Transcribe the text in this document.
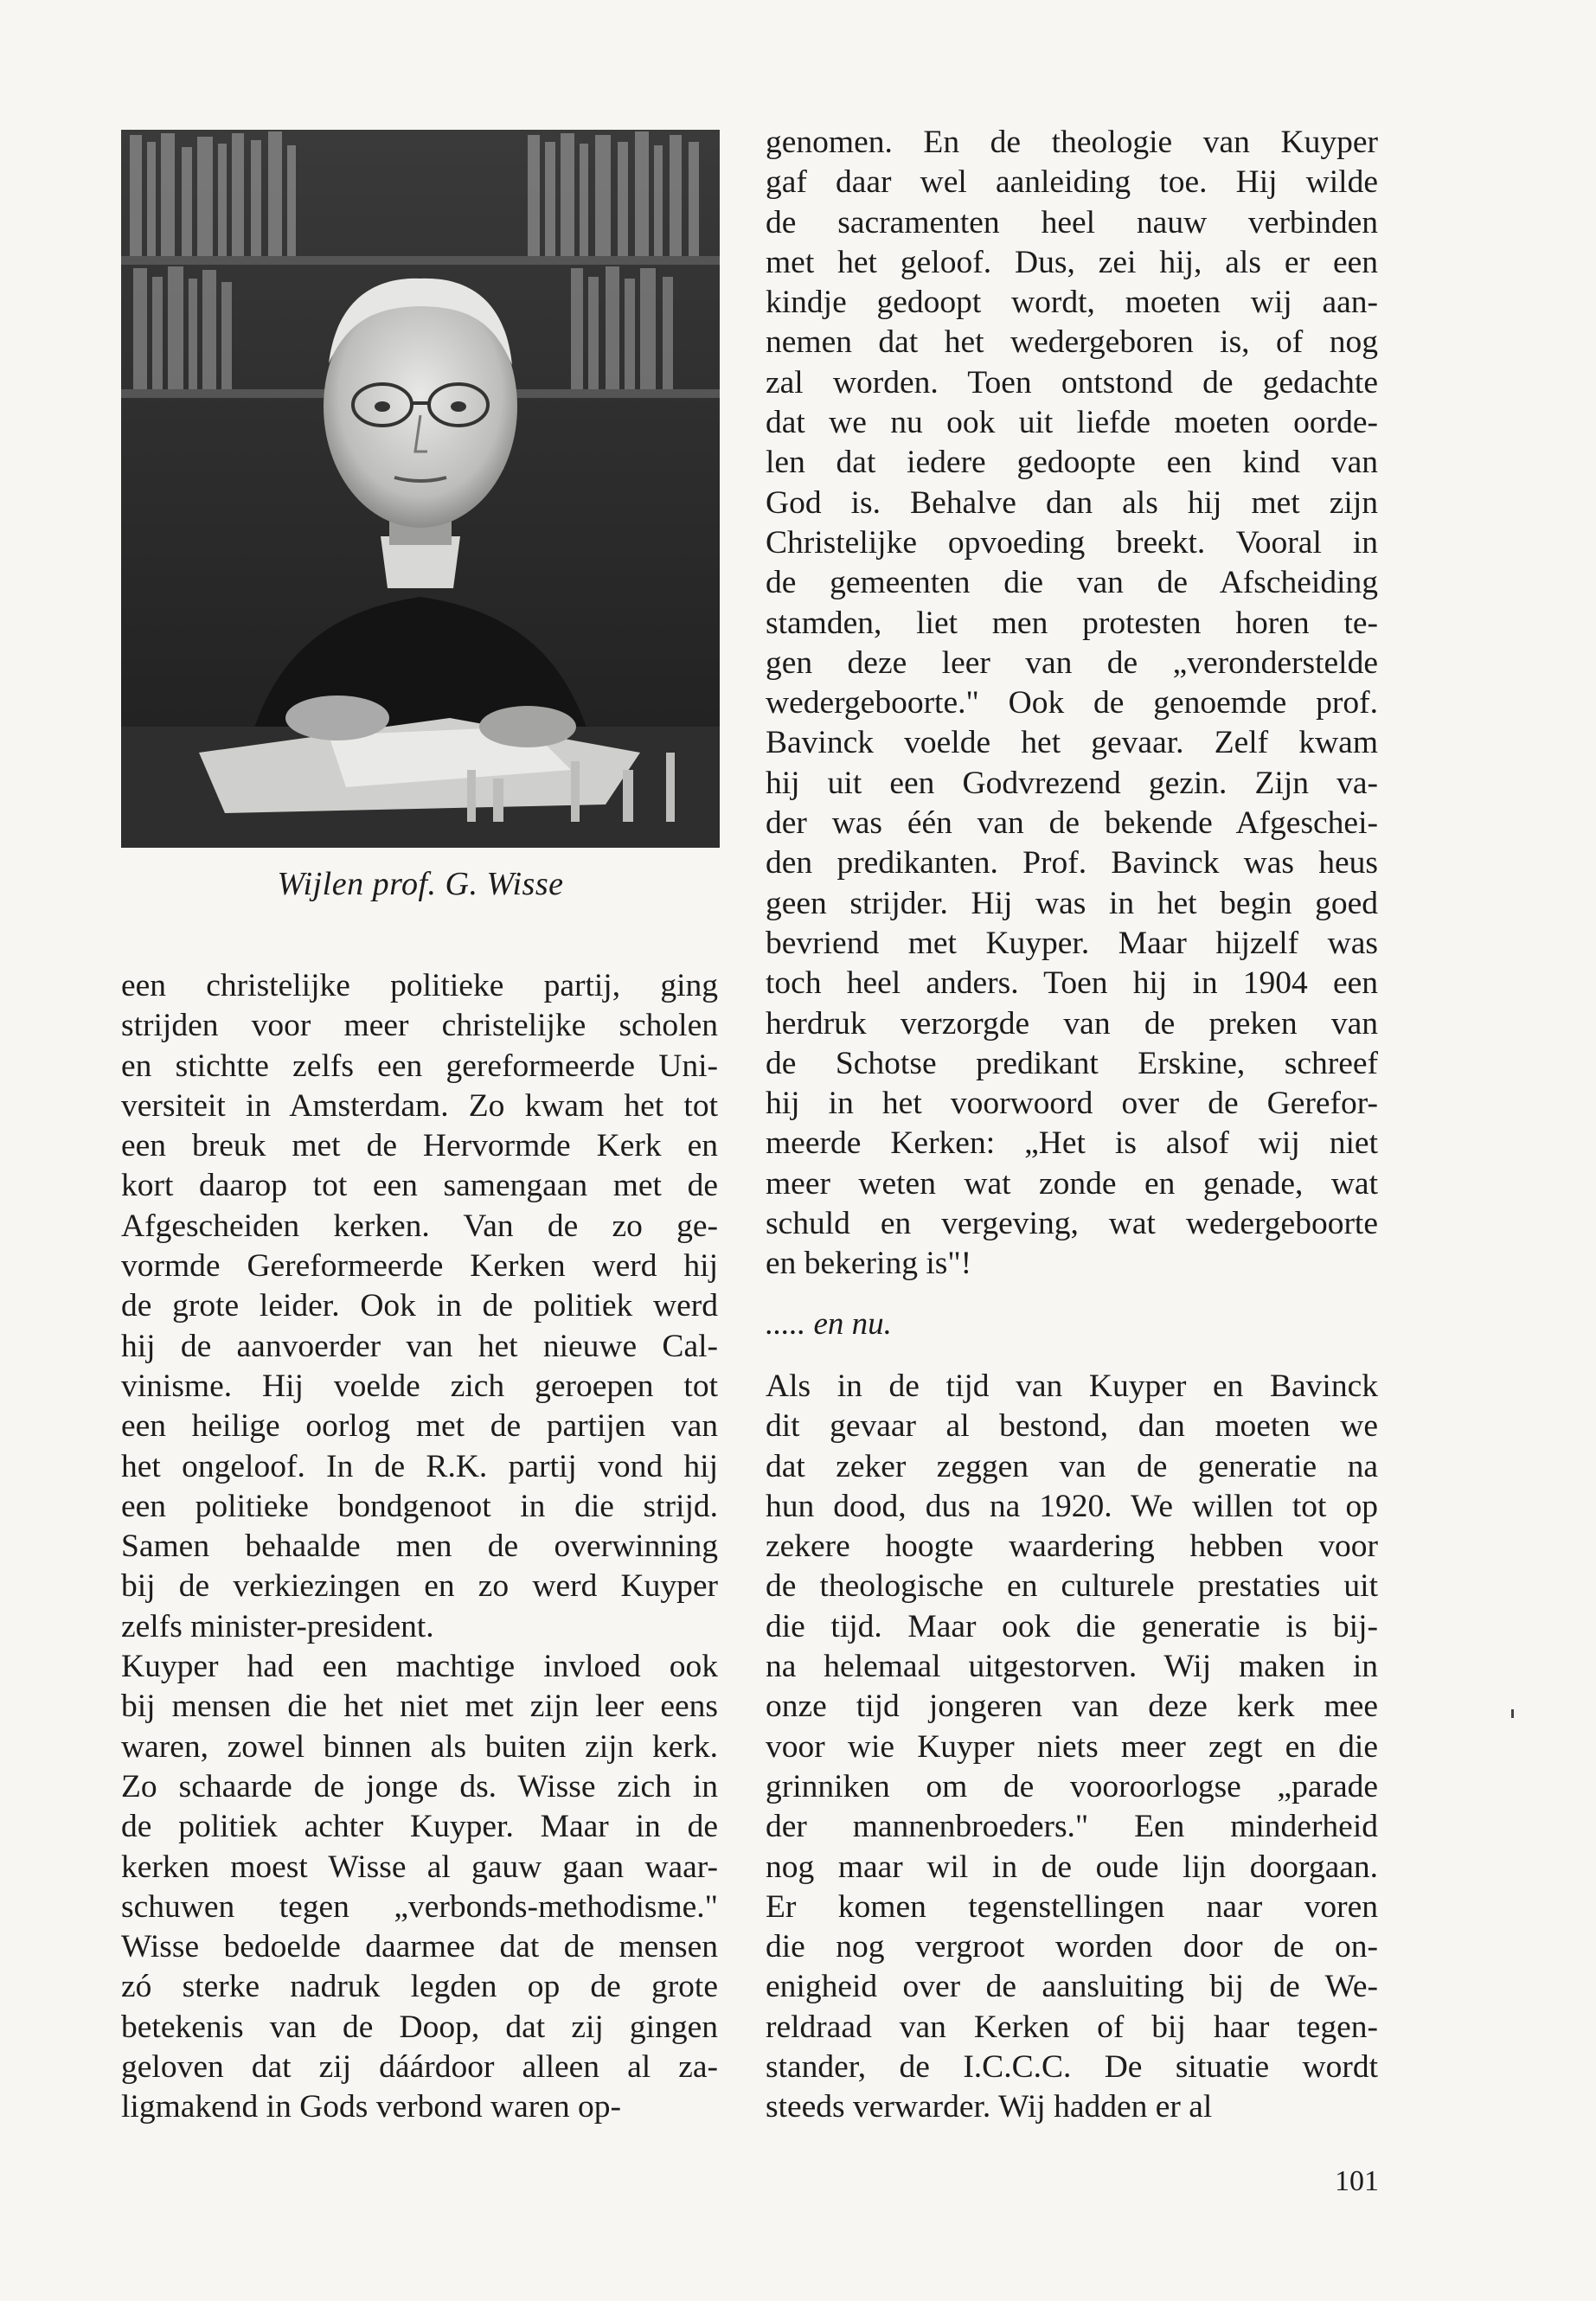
Wijlen prof. G. Wisse
een christelijke politieke partij, ging
strijden voor meer christelijke scholen
en stichtte zelfs een gereformeerde Uni-
versiteit in Amsterdam. Zo kwam het tot
een breuk met de Hervormde Kerk en
kort daarop tot een samengaan met de
Afgescheiden kerken. Van de zo ge-
vormde Gereformeerde Kerken werd hij
de grote leider. Ook in de politiek werd
hij de aanvoerder van het nieuwe Cal-
vinisme. Hij voelde zich geroepen tot
een heilige oorlog met de partijen van
het ongeloof. In de R.K. partij vond hij
een politieke bondgenoot in die strijd.
Samen behaalde men de overwinning
bij de verkiezingen en zo werd Kuyper
zelfs minister-president.
Kuyper had een machtige invloed ook
bij mensen die het niet met zijn leer eens
waren, zowel binnen als buiten zijn kerk.
Zo schaarde de jonge ds. Wisse zich in
de politiek achter Kuyper. Maar in de
kerken moest Wisse al gauw gaan waar-
schuwen tegen „verbonds-methodisme."
Wisse bedoelde daarmee dat de mensen
zó sterke nadruk legden op de grote
betekenis van de Doop, dat zij gingen
geloven dat zij dáárdoor alleen al za-
ligmakend in Gods verbond waren op-
genomen. En de theologie van Kuyper
gaf daar wel aanleiding toe. Hij wilde
de sacramenten heel nauw verbinden
met het geloof. Dus, zei hij, als er een
kindje gedoopt wordt, moeten wij aan-
nemen dat het wedergeboren is, of nog
zal worden. Toen ontstond de gedachte
dat we nu ook uit liefde moeten oorde-
len dat iedere gedoopte een kind van
God is. Behalve dan als hij met zijn
Christelijke opvoeding breekt. Vooral in
de gemeenten die van de Afscheiding
stamden, liet men protesten horen te-
gen deze leer van de „veronderstelde
wedergeboorte." Ook de genoemde prof.
Bavinck voelde het gevaar. Zelf kwam
hij uit een Godvrezend gezin. Zijn va-
der was één van de bekende Afgeschei-
den predikanten. Prof. Bavinck was heus
geen strijder. Hij was in het begin goed
bevriend met Kuyper. Maar hijzelf was
toch heel anders. Toen hij in 1904 een
herdruk verzorgde van de preken van
de Schotse predikant Erskine, schreef
hij in het voorwoord over de Gerefor-
meerde Kerken: „Het is alsof wij niet
meer weten wat zonde en genade, wat
schuld en vergeving, wat wedergeboorte
en bekering is"!
..... en nu.
Als in de tijd van Kuyper en Bavinck
dit gevaar al bestond, dan moeten we
dat zeker zeggen van de generatie na
hun dood, dus na 1920. We willen tot op
zekere hoogte waardering hebben voor
de theologische en culturele prestaties uit
die tijd. Maar ook die generatie is bij-
na helemaal uitgestorven. Wij maken in
onze tijd jongeren van deze kerk mee
voor wie Kuyper niets meer zegt en die
grinniken om de vooroorlogse „parade
der mannenbroeders." Een minderheid
nog maar wil in de oude lijn doorgaan.
Er komen tegenstellingen naar voren
die nog vergroot worden door de on-
enigheid over de aansluiting bij de We-
reldraad van Kerken of bij haar tegen-
stander, de I.C.C.C. De situatie wordt
steeds verwarder. Wij hadden er al
101
